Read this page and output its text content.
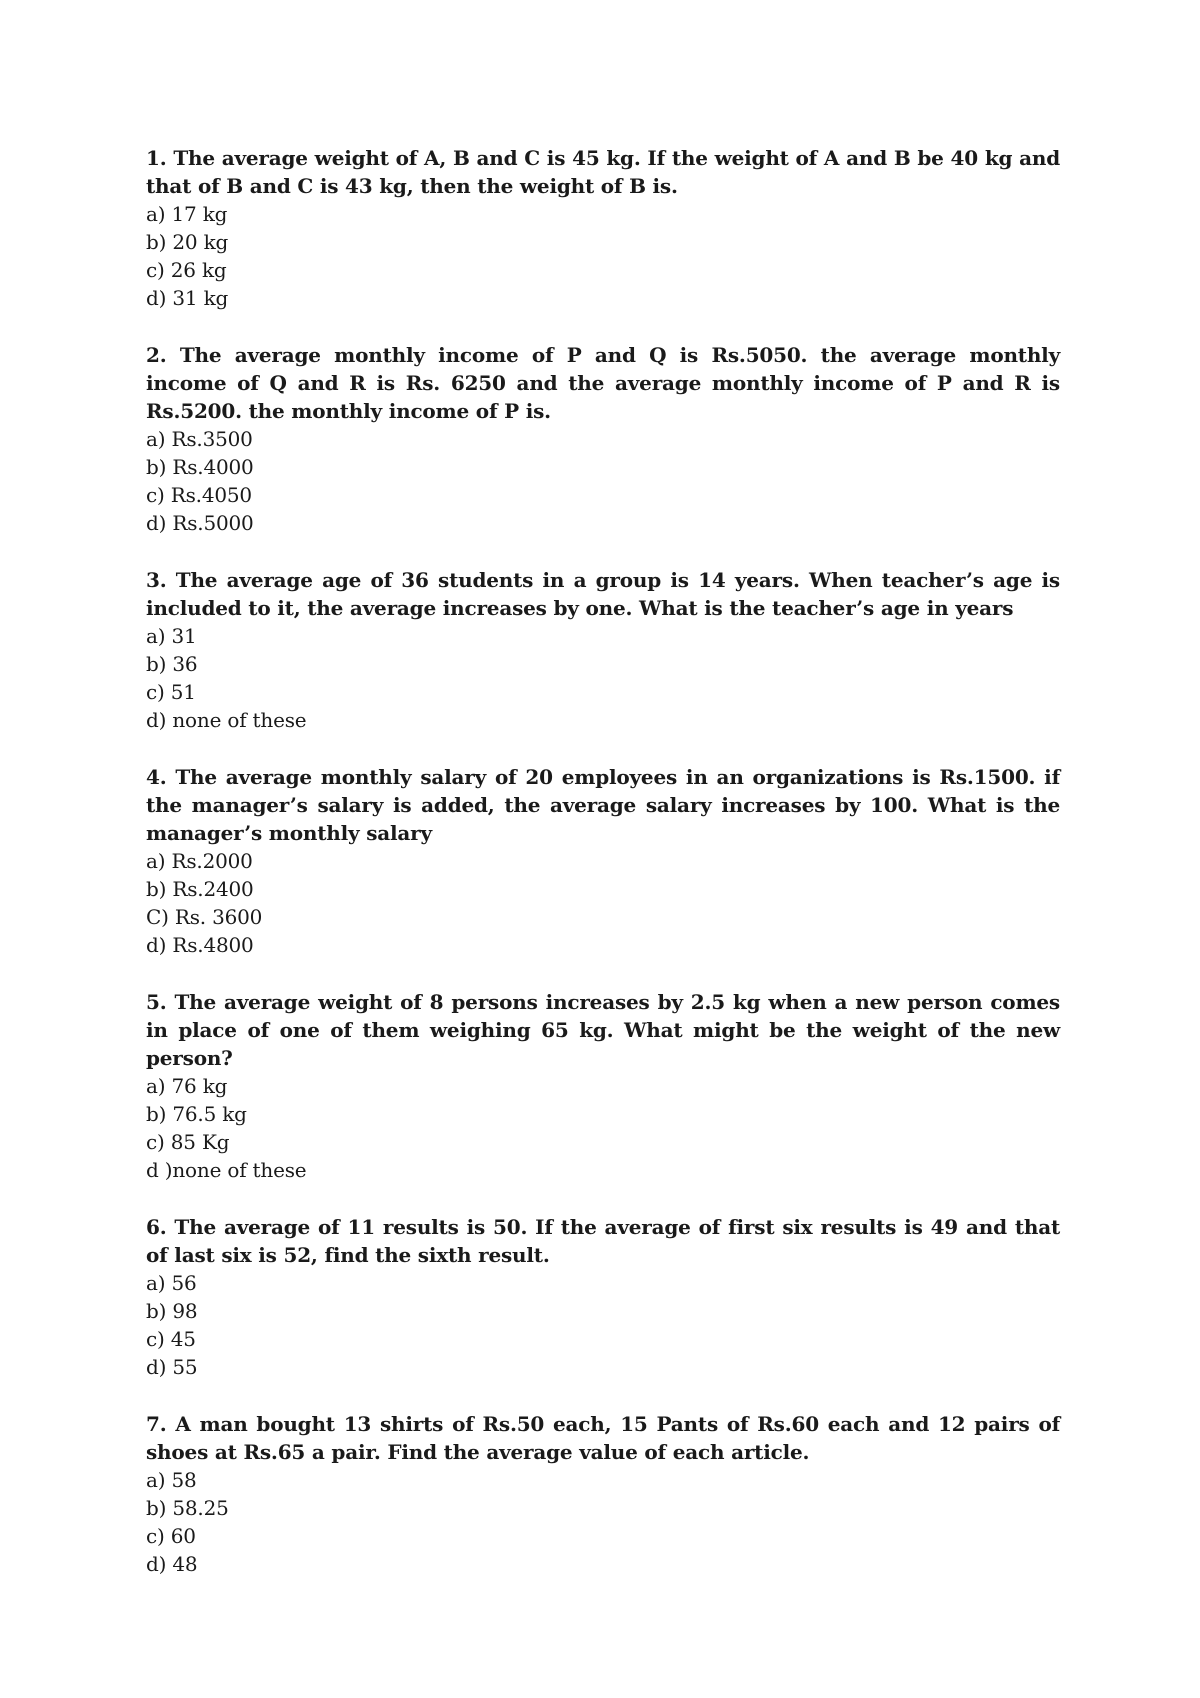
1. The average weight of A, B and C is 45 kg. If the weight of A and B be 40 kg and that of B and C is 43 kg, then the weight of B is.

a) 17 kg
b) 20 kg
c) 26 kg
d) 31 kg

2. The average monthly income of P and Q is Rs.5050. the average monthly income of Q and R is Rs. 6250 and the average monthly income of P and R is Rs.5200. the monthly income of P is.

a) Rs.3500
b) Rs.4000
c) Rs.4050
d) Rs.5000

3. The average age of 36 students in a group is 14 years. When teacher’s age is included to it, the average increases by one. What is the teacher’s age in years

a) 31
b) 36
c) 51
d) none of these

4. The average monthly salary of 20 employees in an organizations is Rs.1500. if the manager’s salary is added, the average salary increases by 100. What is the manager’s monthly salary

a) Rs.2000
b) Rs.2400
C) Rs. 3600
d) Rs.4800

5. The average weight of 8 persons increases by 2.5 kg when a new person comes in place of one of them weighing 65 kg. What might be the weight of the new person?

a) 76 kg
b) 76.5 kg
c) 85 Kg
d )none of these

6. The average of 11 results is 50. If the average of first six results is 49 and that of last six is 52, find the sixth result.

a) 56
b) 98
c) 45
d) 55

7. A man bought 13 shirts of Rs.50 each, 15 Pants of Rs.60 each and 12 pairs of shoes at Rs.65 a pair. Find the average value of each article.

a) 58
b) 58.25
c) 60
d) 48
